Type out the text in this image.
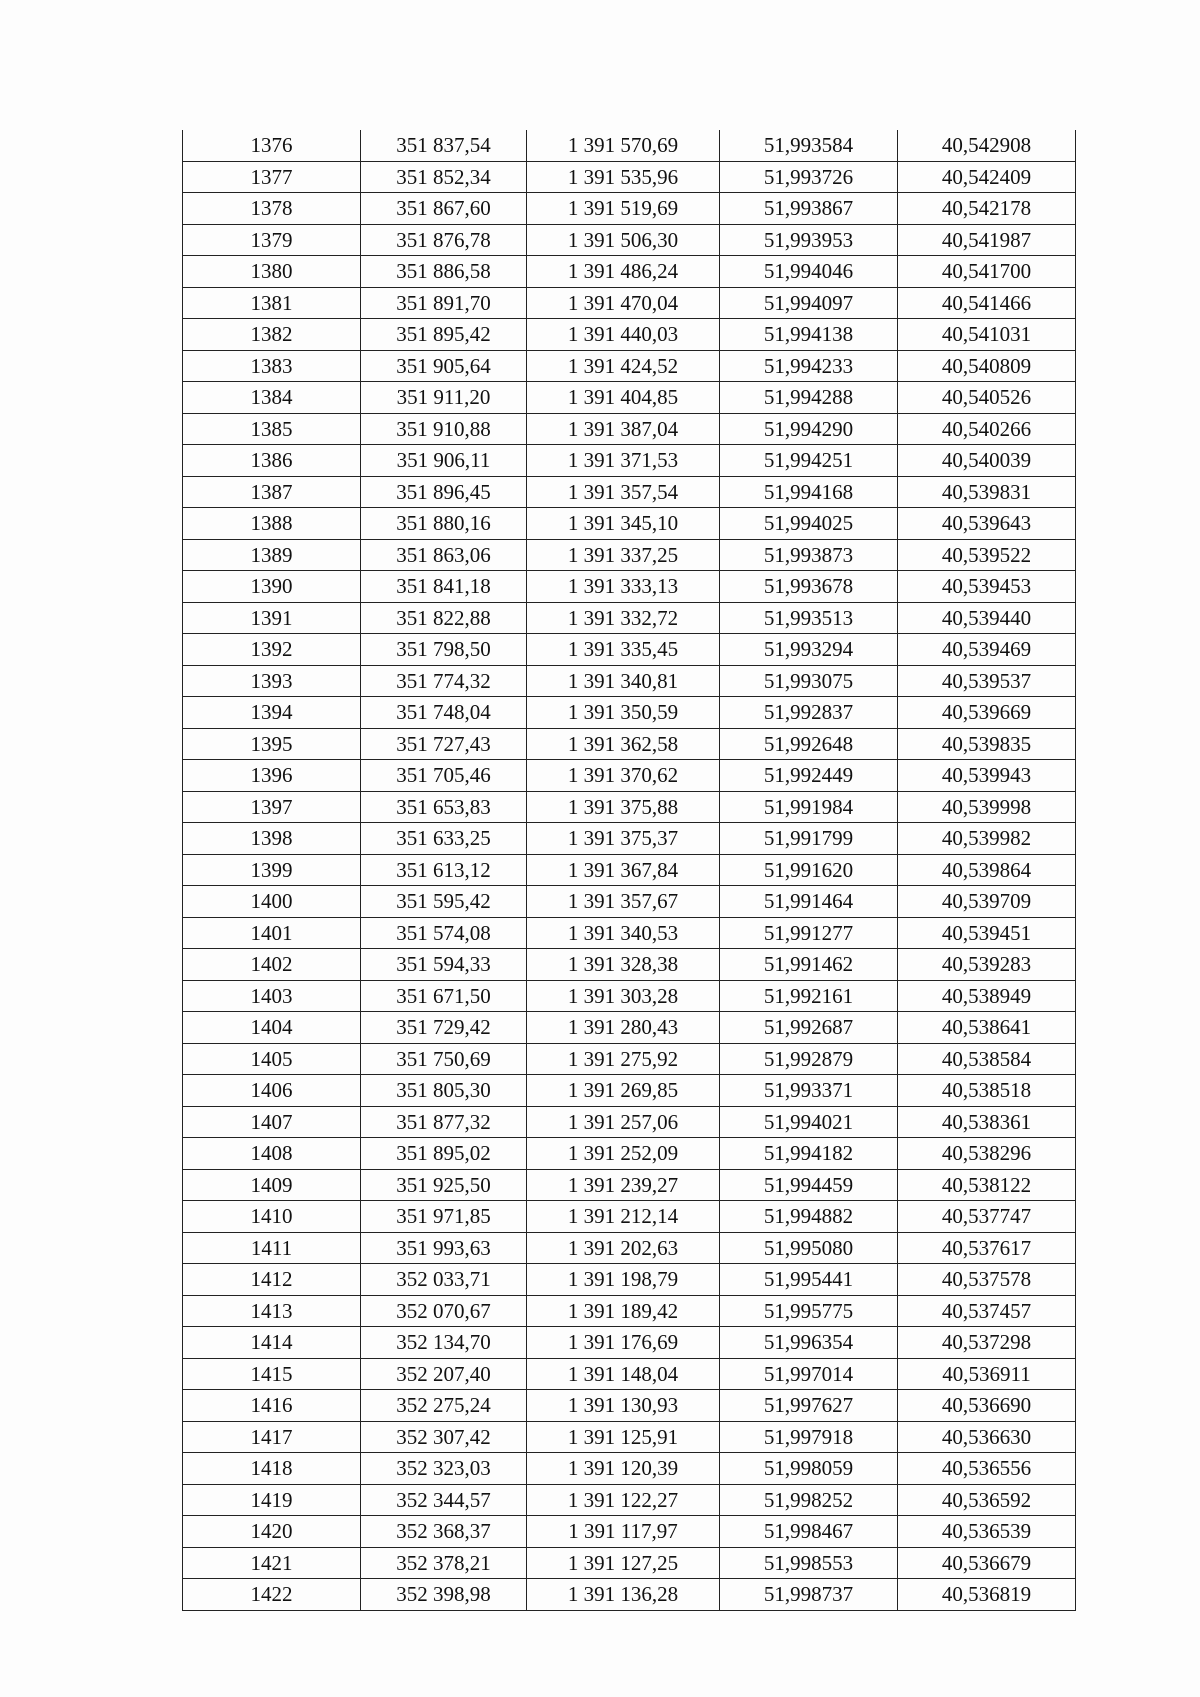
1376	351 837,54	1 391 570,69	51,993584	40,542908
1377	351 852,34	1 391 535,96	51,993726	40,542409
1378	351 867,60	1 391 519,69	51,993867	40,542178
1379	351 876,78	1 391 506,30	51,993953	40,541987
1380	351 886,58	1 391 486,24	51,994046	40,541700
1381	351 891,70	1 391 470,04	51,994097	40,541466
1382	351 895,42	1 391 440,03	51,994138	40,541031
1383	351 905,64	1 391 424,52	51,994233	40,540809
1384	351 911,20	1 391 404,85	51,994288	40,540526
1385	351 910,88	1 391 387,04	51,994290	40,540266
1386	351 906,11	1 391 371,53	51,994251	40,540039
1387	351 896,45	1 391 357,54	51,994168	40,539831
1388	351 880,16	1 391 345,10	51,994025	40,539643
1389	351 863,06	1 391 337,25	51,993873	40,539522
1390	351 841,18	1 391 333,13	51,993678	40,539453
1391	351 822,88	1 391 332,72	51,993513	40,539440
1392	351 798,50	1 391 335,45	51,993294	40,539469
1393	351 774,32	1 391 340,81	51,993075	40,539537
1394	351 748,04	1 391 350,59	51,992837	40,539669
1395	351 727,43	1 391 362,58	51,992648	40,539835
1396	351 705,46	1 391 370,62	51,992449	40,539943
1397	351 653,83	1 391 375,88	51,991984	40,539998
1398	351 633,25	1 391 375,37	51,991799	40,539982
1399	351 613,12	1 391 367,84	51,991620	40,539864
1400	351 595,42	1 391 357,67	51,991464	40,539709
1401	351 574,08	1 391 340,53	51,991277	40,539451
1402	351 594,33	1 391 328,38	51,991462	40,539283
1403	351 671,50	1 391 303,28	51,992161	40,538949
1404	351 729,42	1 391 280,43	51,992687	40,538641
1405	351 750,69	1 391 275,92	51,992879	40,538584
1406	351 805,30	1 391 269,85	51,993371	40,538518
1407	351 877,32	1 391 257,06	51,994021	40,538361
1408	351 895,02	1 391 252,09	51,994182	40,538296
1409	351 925,50	1 391 239,27	51,994459	40,538122
1410	351 971,85	1 391 212,14	51,994882	40,537747
1411	351 993,63	1 391 202,63	51,995080	40,537617
1412	352 033,71	1 391 198,79	51,995441	40,537578
1413	352 070,67	1 391 189,42	51,995775	40,537457
1414	352 134,70	1 391 176,69	51,996354	40,537298
1415	352 207,40	1 391 148,04	51,997014	40,536911
1416	352 275,24	1 391 130,93	51,997627	40,536690
1417	352 307,42	1 391 125,91	51,997918	40,536630
1418	352 323,03	1 391 120,39	51,998059	40,536556
1419	352 344,57	1 391 122,27	51,998252	40,536592
1420	352 368,37	1 391 117,97	51,998467	40,536539
1421	352 378,21	1 391 127,25	51,998553	40,536679
1422	352 398,98	1 391 136,28	51,998737	40,536819
